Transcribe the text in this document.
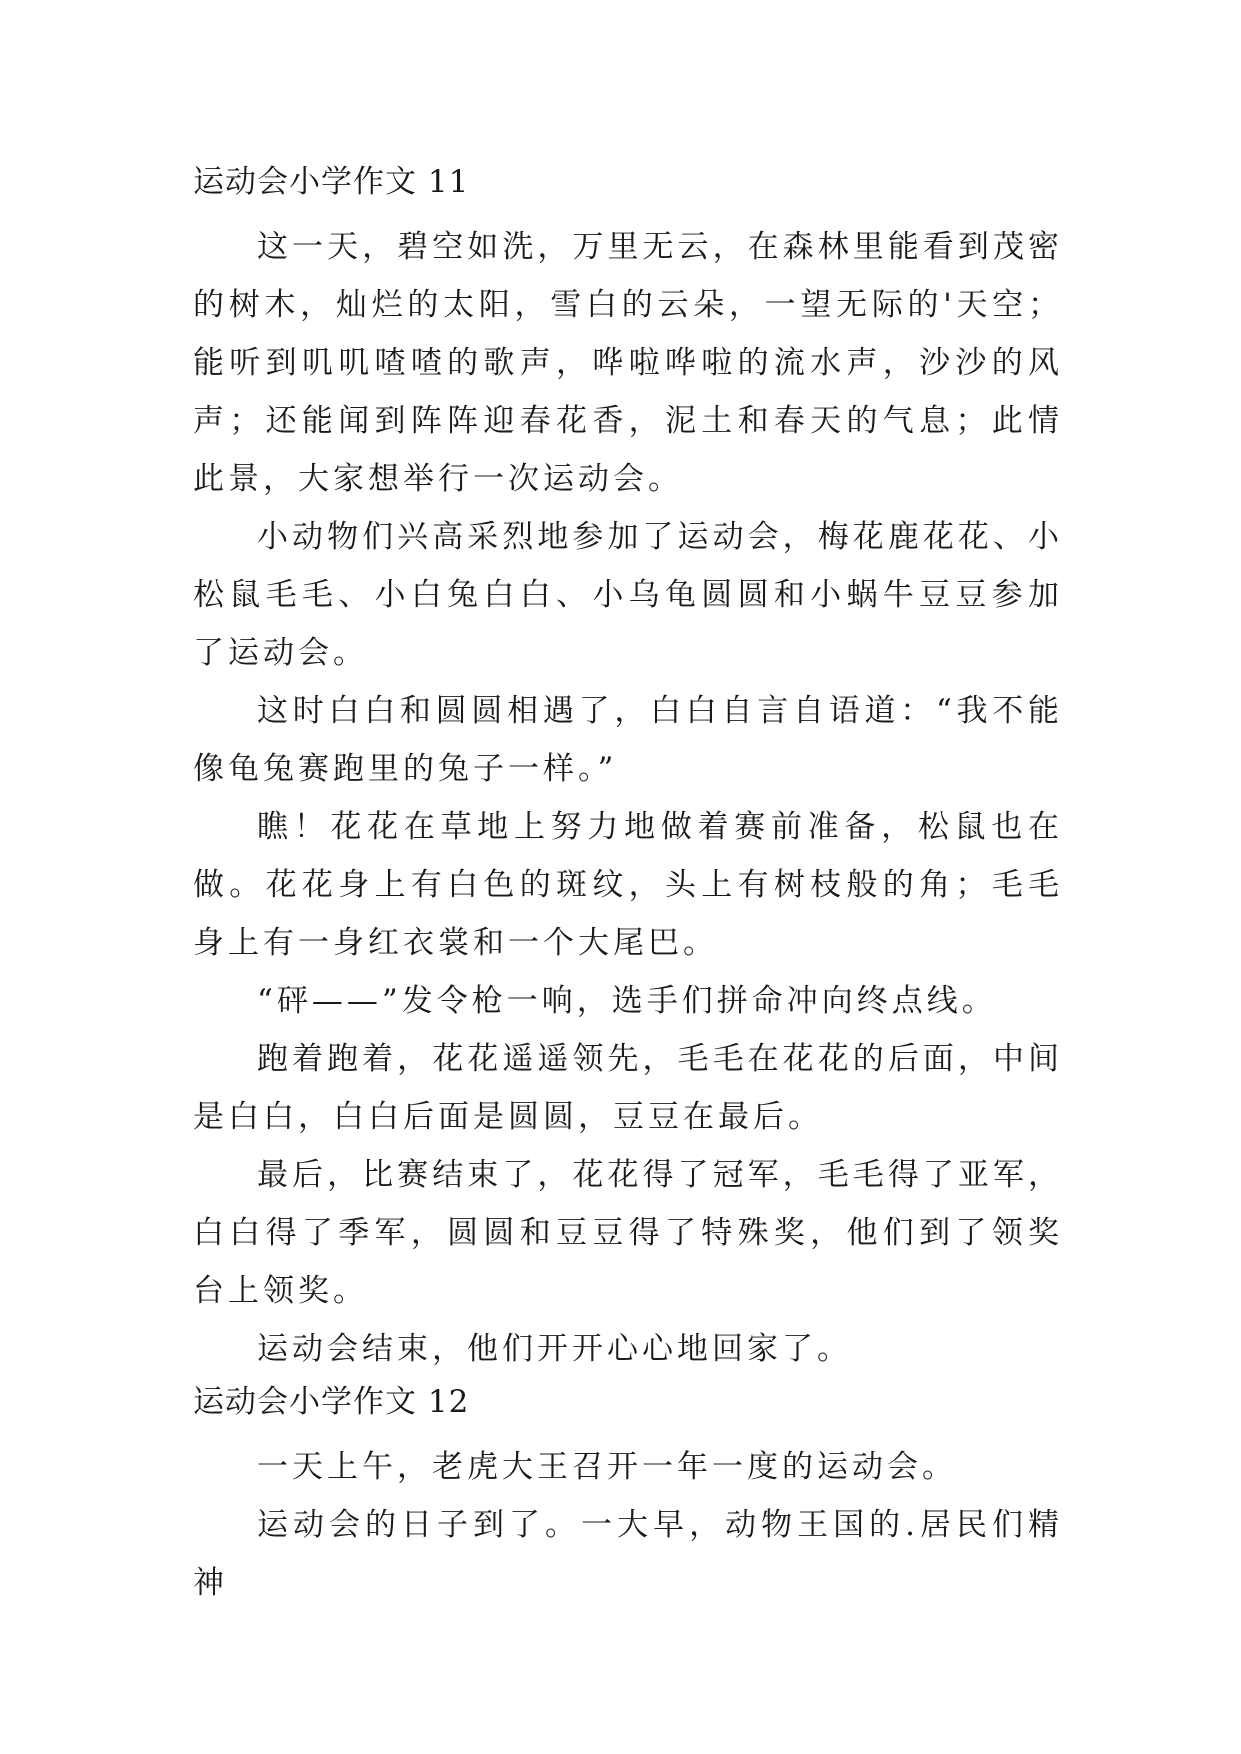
运动会小学作文 11

这一天，碧空如洗，万里无云，在森林里能看到茂密的树木，灿烂的太阳，雪白的云朵，一望无际的'天空；能听到叽叽喳喳的歌声，哗啦哗啦的流水声，沙沙的风声；还能闻到阵阵迎春花香，泥土和春天的气息；此情此景，大家想举行一次运动会。

小动物们兴高采烈地参加了运动会，梅花鹿花花、小松鼠毛毛、小白兔白白、小乌龟圆圆和小蜗牛豆豆参加了运动会。

这时白白和圆圆相遇了，白白自言自语道：“我不能像龟兔赛跑里的兔子一样。”

瞧！花花在草地上努力地做着赛前准备，松鼠也在做。花花身上有白色的斑纹，头上有树枝般的角；毛毛身上有一身红衣裳和一个大尾巴。

“砰——”发令枪一响，选手们拼命冲向终点线。

跑着跑着，花花遥遥领先，毛毛在花花的后面，中间是白白，白白后面是圆圆，豆豆在最后。

最后，比赛结束了，花花得了冠军，毛毛得了亚军，白白得了季军，圆圆和豆豆得了特殊奖，他们到了领奖台上领奖。

运动会结束，他们开开心心地回家了。

运动会小学作文 12

一天上午，老虎大王召开一年一度的运动会。

运动会的日子到了。一大早，动物王国的.居民们精神
